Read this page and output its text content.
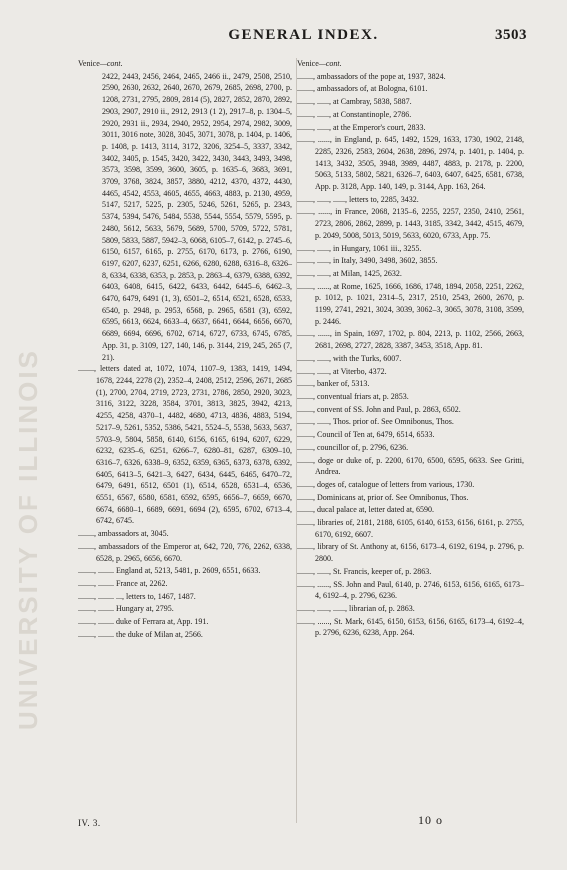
UNIVERSITY OF ILLINOIS
GENERAL INDEX.	3503

Venice—cont.

2422, 2443, 2456, 2464, 2465, 2466 ii., 2479, 2508, 2510, 2590, 2630, 2632, 2640, 2670, 2679, 2685, 2698, 2700, p. 1208, 2731, 2795, 2809, 2814 (5), 2827, 2852, 2870, 2892, 2903, 2907, 2910 ii., 2912, 2913 (1 2), 2917–8, p. 1304–5, 2920, 2931 ii., 2934, 2940, 2952, 2954, 2974, 2982, 3009, 3011, 3016 note, 3028, 3045, 3071, 3078, p. 1404, p. 1406, p. 1408, p. 1413, 3114, 3172, 3206, 3254–5, 3337, 3342, 3402, 3405, p. 1545, 3420, 3422, 3430, 3443, 3493, 3498, 3573, 3598, 3599, 3600, 3605, p. 1635–6, 3683, 3691, 3709, 3768, 3824, 3857, 3880, 4212, 4370, 4372, 4430, 4465, 4542, 4553, 4605, 4655, 4663, 4883, p. 2130, 4959, 5147, 5217, 5225, p. 2305, 5246, 5261, 5265, p. 2343, 5374, 5394, 5476, 5484, 5538, 5544, 5554, 5579, 5595, p. 2480, 5612, 5633, 5679, 5689, 5700, 5709, 5722, 5781, 5809, 5833, 5887, 5942–3, 6068, 6105–7, 6142, p. 2745–6, 6150, 6157, 6165, p. 2755, 6170, 6173, p. 2766, 6190, 6197, 6207, 6237, 6251, 6266, 6280, 6288, 6316–8, 6326–8, 6334, 6338, 6353, p. 2853, p. 2863–4, 6379, 6388, 6392, 6403, 6408, 6415, 6422, 6433, 6442, 6445–6, 6462–3, 6470, 6479, 6491 (1, 3), 6501–2, 6514, 6521, 6528, 6533, 6540, p. 2948, p. 2953, 6568, p. 2965, 6581 (3), 6592, 6595, 6613, 6624, 6633–4, 6637, 6641, 6644, 6656, 6670, 6689, 6694, 6696, 6702, 6714, 6727, 6733, 6745, 6785, App. 31, p. 3109, 127, 140, 146, p. 3144, 219, 245, 265 (7, 21).

........, letters dated at, 1072, 1074, 1107–9, 1383, 1419, 1494, 1678, 2244, 2278 (2), 2352–4, 2408, 2512, 2596, 2671, 2685 (1), 2700, 2704, 2719, 2723, 2731, 2786, 2850, 2920, 3023, 3116, 3122, 3228, 3584, 3701, 3813, 3825, 3942, 4213, 4255, 4258, 4370–1, 4482, 4680, 4713, 4836, 4883, 5194, 5217–9, 5261, 5352, 5386, 5421, 5524–5, 5538, 5633, 5637, 5703–9, 5804, 5858, 6140, 6156, 6165, 6194, 6207, 6229, 6232, 6235–6, 6251, 6266–7, 6280–81, 6287, 6309–10, 6316–7, 6326, 6338–9, 6352, 6359, 6365, 6373, 6378, 6392, 6405, 6413–5, 6421–3, 6427, 6434, 6445, 6465, 6470–72, 6479, 6491, 6512, 6501 (1), 6514, 6528, 6531–4, 6536, 6551, 6567, 6580, 6581, 6592, 6595, 6656–7, 6659, 6670, 6674, 6680–1, 6689, 6691, 6694 (2), 6595, 6702, 6713–4, 6742, 6745.

........, ambassadors at, 3045.

........, ambassadors of the Emperor at, 642, 720, 776, 2262, 6338, 6528, p. 2965, 6656, 6670.

........, ........ England at, 5213, 5481, p. 2609, 6551, 6633.

........, ........ France at, 2262.

........, ........ ..., letters to, 1467, 1487.

........, ........ Hungary at, 2795.

........, ........ duke of Ferrara at, App. 191.

........, ........ the duke of Milan at, 2566.

Venice—cont.

........, ambassadors of the pope at, 1937, 3824.

........, ambassadors of, at Bologna, 6101.

........, ......, at Cambray, 5838, 5887.

........, ......, at Constantinople, 2786.

........, ......, at the Emperor's court, 2833.

........, ......, in England, p. 645, 1492, 1529, 1633, 1730, 1902, 2148, 2285, 2326, 2583, 2604, 2638, 2896, 2974, p. 1401, p. 1404, p. 1413, 3432, 3505, 3948, 3989, 4487, 4883, p. 2178, p. 2200, 5063, 5133, 5802, 5821, 6326–7, 6403, 6407, 6425, 6581, 6738, App. p. 3128, App. 140, 149, p. 3144, App. 163, 264.

........, ......, ......, letters to, 2285, 3432.

........, ......, in France, 2068, 2135–6, 2255, 2257, 2350, 2410, 2561, 2723, 2806, 2862, 2899, p. 1443, 3185, 3342, 3442, 4515, 4679, p. 2049, 5008, 5013, 5019, 5633, 6020, 6733, App. 75.

........, ......, in Hungary, 1061 iii., 3255.

........, ......, in Italy, 3490, 3498, 3602, 3855.

........, ......, at Milan, 1425, 2632.

........, ......, at Rome, 1625, 1666, 1686, 1748, 1894, 2058, 2251, 2262, p. 1012, p. 1021, 2314–5, 2317, 2510, 2543, 2600, 2670, p. 1199, 2741, 2921, 3024, 3039, 3062–3, 3065, 3078, 3108, 3599, p. 2446.

........, ......, in Spain, 1697, 1702, p. 804, 2213, p. 1102, 2566, 2663, 2681, 2698, 2727, 2828, 3387, 3453, 3518, App. 81.

........, ......, with the Turks, 6007.

........, ......, at Viterbo, 4372.

........, banker of, 5313.

........, conventual friars at, p. 2853.

........, convent of SS. John and Paul, p. 2863, 6502.

........, ......, Thos. prior of. See Omnibonus, Thos.

........, Council of Ten at, 6479, 6514, 6533.

........, councillor of, p. 2796, 6236.

........, doge or duke of, p. 2200, 6170, 6500, 6595, 6633. See Gritti, Andrea.

........, doges of, catalogue of letters from various, 1730.

........, Dominicans at, prior of. See Omnibonus, Thos.

........, ducal palace at, letter dated at, 6590.

........, libraries of, 2181, 2188, 6105, 6140, 6153, 6156, 6161, p. 2755, 6170, 6192, 6607.

........, library of St. Anthony at, 6156, 6173–4, 6192, 6194, p. 2796, p. 2800.

........, ......, St. Francis, keeper of, p. 2863.

........, ......, SS. John and Paul, 6140, p. 2746, 6153, 6156, 6165, 6173–4, 6192–4, p. 2796, 6236.

........, ......, ......, librarian of, p. 2863.

........, ......, St. Mark, 6145, 6150, 6153, 6156, 6165, 6173–4, 6192–4, p. 2796, 6236, 6238, App. 264.

IV. 3.	10 o
